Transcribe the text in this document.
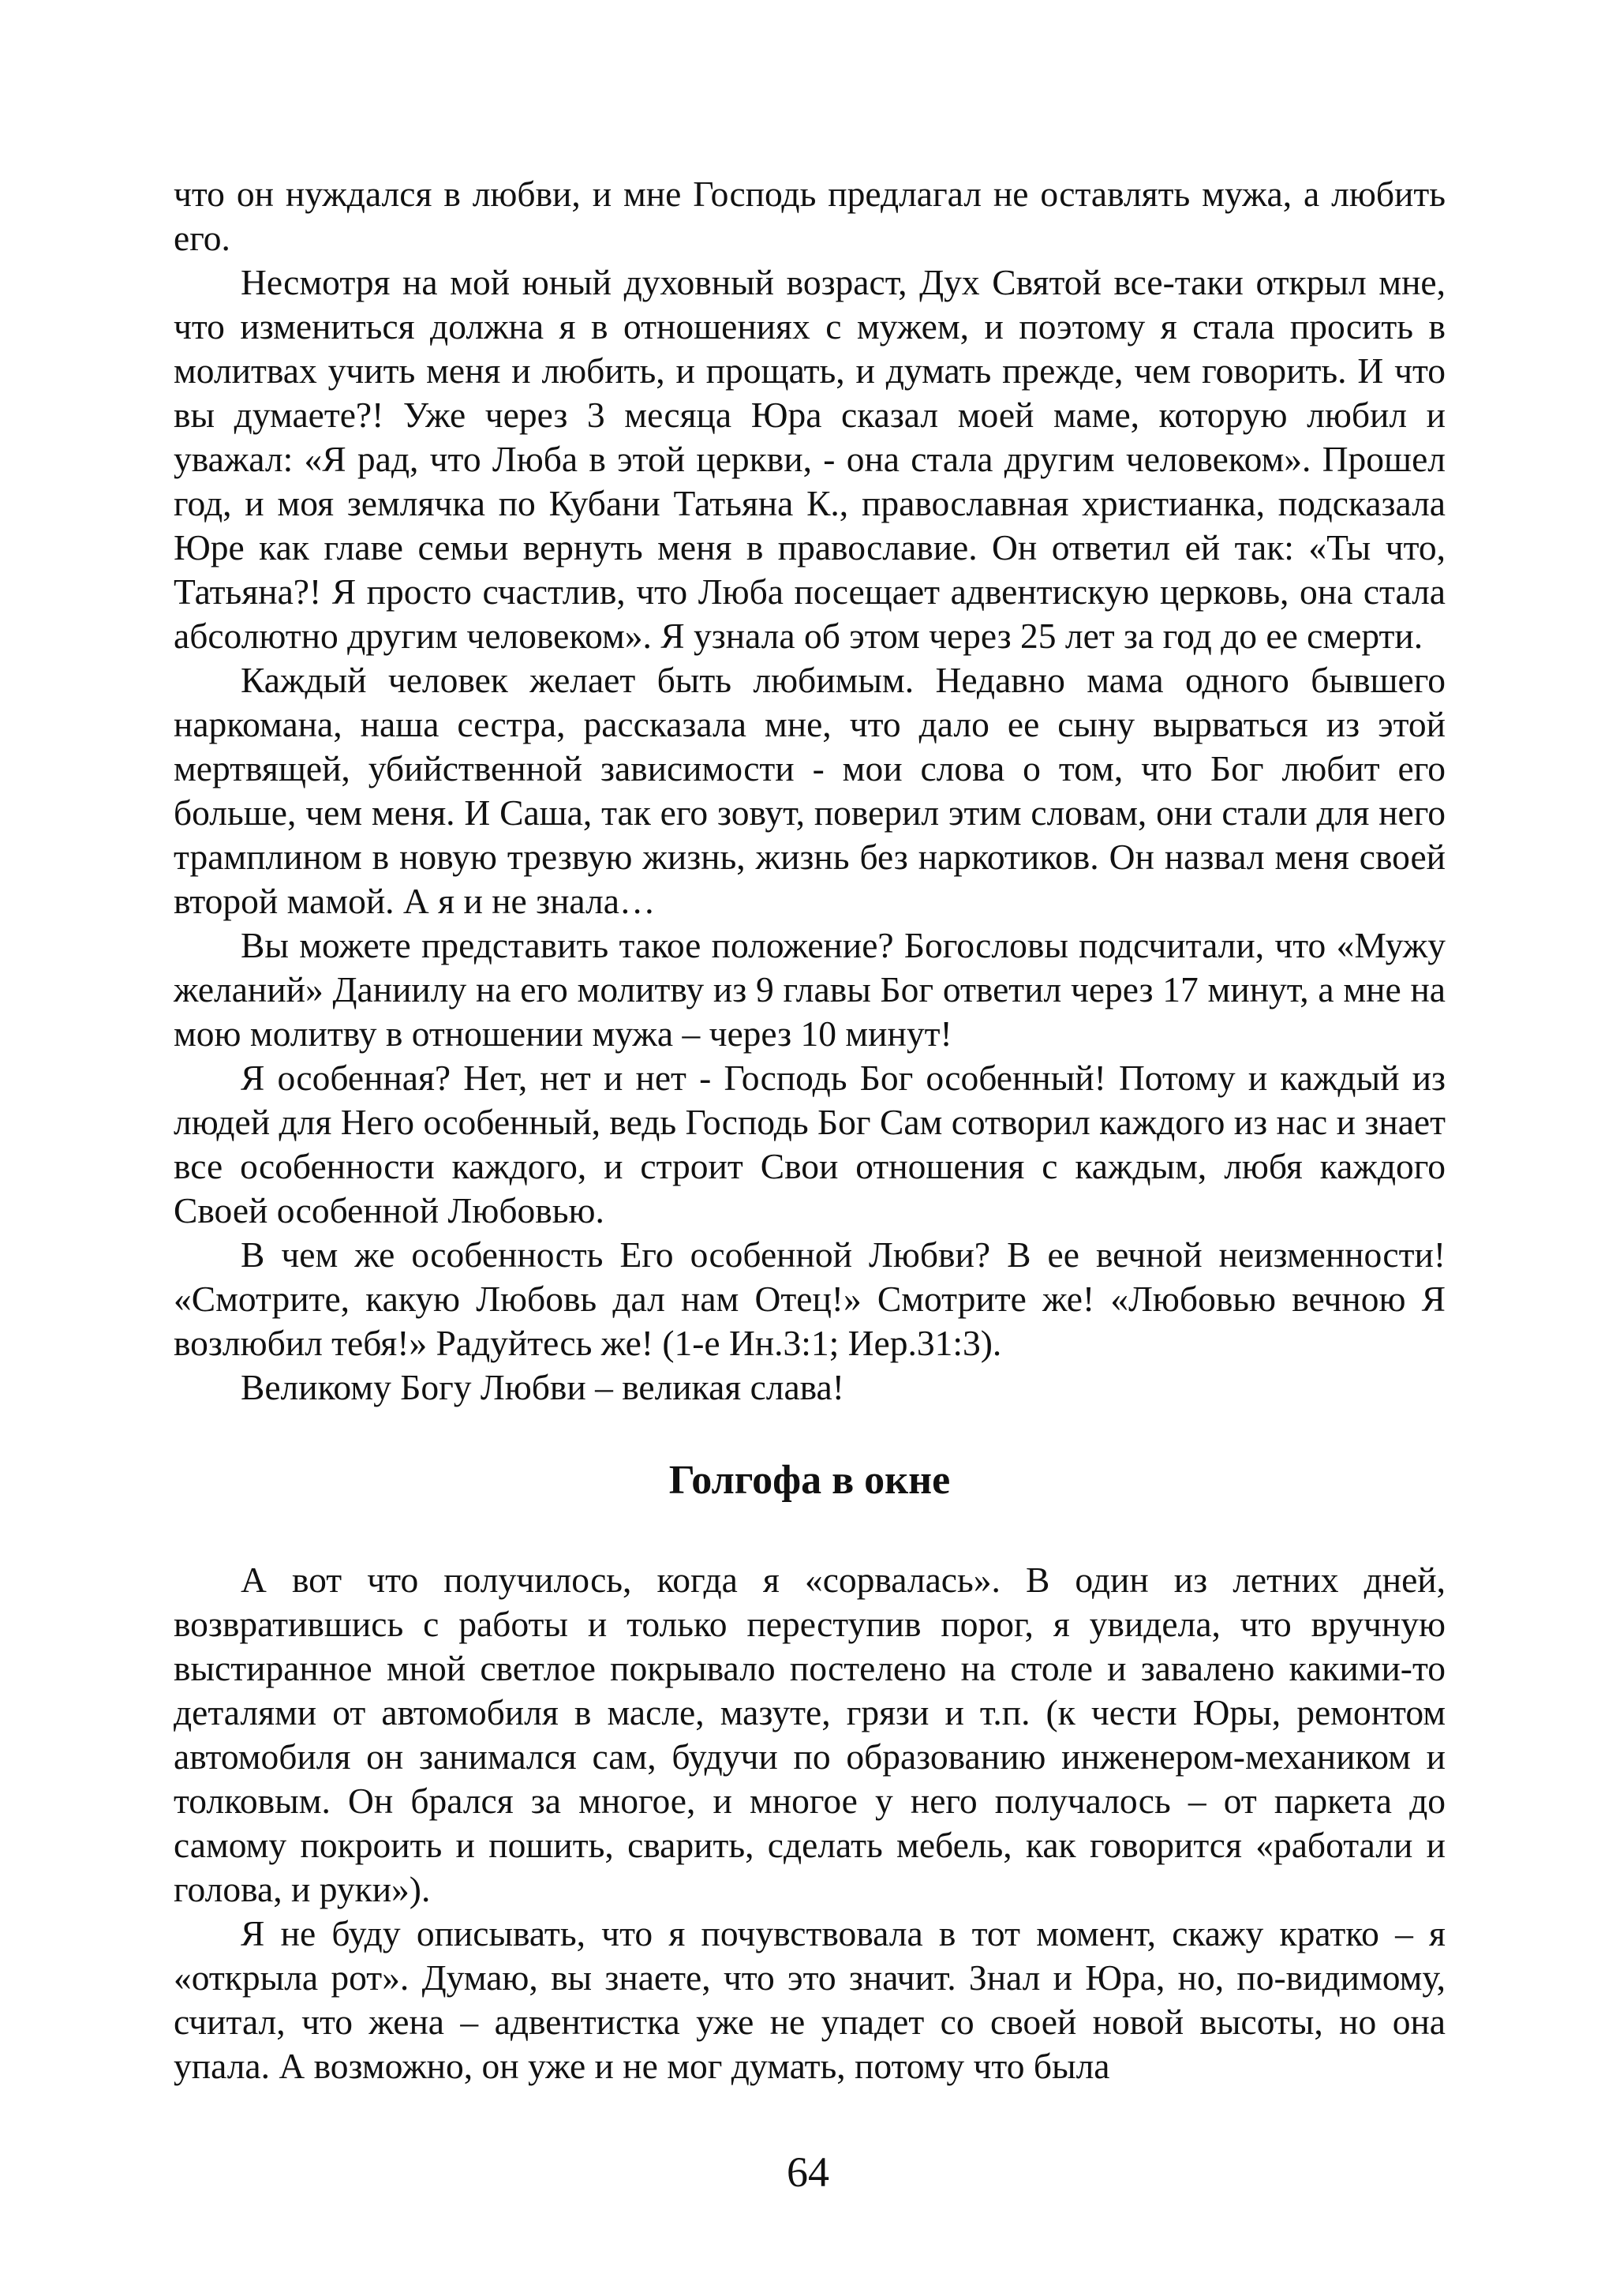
что он нуждался в любви, и мне Господь предлагал не оставлять мужа, а любить его.

Несмотря на мой юный духовный возраст, Дух Святой все-таки открыл мне, что измениться должна я в отношениях с мужем, и поэтому я стала просить в молитвах учить меня и любить, и прощать, и думать прежде, чем говорить. И что вы думаете?! Уже через 3 месяца Юра сказал моей маме, которую любил и уважал: «Я рад, что Люба в этой церкви, - она стала другим человеком». Прошел год, и моя землячка по Кубани Татьяна К., православная христианка, подсказала Юре как главе семьи вернуть меня в православие. Он ответил ей так: «Ты что, Татьяна?! Я просто счастлив, что Люба посещает адвентискую церковь, она стала абсолютно другим человеком». Я узнала об этом через 25 лет за год до ее смерти.

Каждый человек желает быть любимым. Недавно мама одного бывшего наркомана, наша сестра, рассказала мне, что дало ее сыну вырваться из этой мертвящей, убийственной зависимости - мои слова о том, что Бог любит его больше, чем меня. И Саша, так его зовут, поверил этим словам, они стали для него трамплином в новую трезвую жизнь, жизнь без наркотиков. Он назвал меня своей второй мамой. А я и не знала…

Вы можете представить такое положение? Богословы подсчитали, что «Мужу желаний» Даниилу на его молитву из 9 главы Бог ответил через 17 минут, а мне на мою молитву в отношении мужа – через 10 минут!

Я особенная? Нет, нет и нет - Господь Бог особенный! Потому и каждый из людей для Него особенный, ведь Господь Бог Сам сотворил каждого из нас и знает все особенности каждого, и строит Свои отношения с каждым, любя каждого Своей особенной Любовью.

В чем же особенность Его особенной Любви? В ее вечной неизменности! «Смотрите, какую Любовь дал нам Отец!» Смотрите же! «Любовью вечною Я возлюбил тебя!» Радуйтесь же! (1-е Ин.3:1; Иер.31:3).

Великому Богу Любви – великая слава!

Голгофа в окне

А вот что получилось, когда я «сорвалась». В один из летних дней, возвратившись с работы и только переступив порог, я увидела, что вручную выстиранное мной светлое покрывало постелено на столе и завалено какими-то деталями от автомобиля в масле, мазуте, грязи и т.п. (к чести Юры, ремонтом автомобиля он занимался сам, будучи по образованию инженером-механиком и толковым. Он брался за многое, и многое у него получалось – от паркета до самому покроить и пошить, сварить, сделать мебель, как говорится «работали и голова, и руки»).

Я не буду описывать, что я почувствовала в тот момент, скажу кратко – я «открыла рот». Думаю, вы знаете, что это значит. Знал и Юра, но, по-видимому, считал, что жена – адвентистка уже не упадет со своей новой высоты, но она упала. А возможно, он уже и не мог думать, потому что была

64
